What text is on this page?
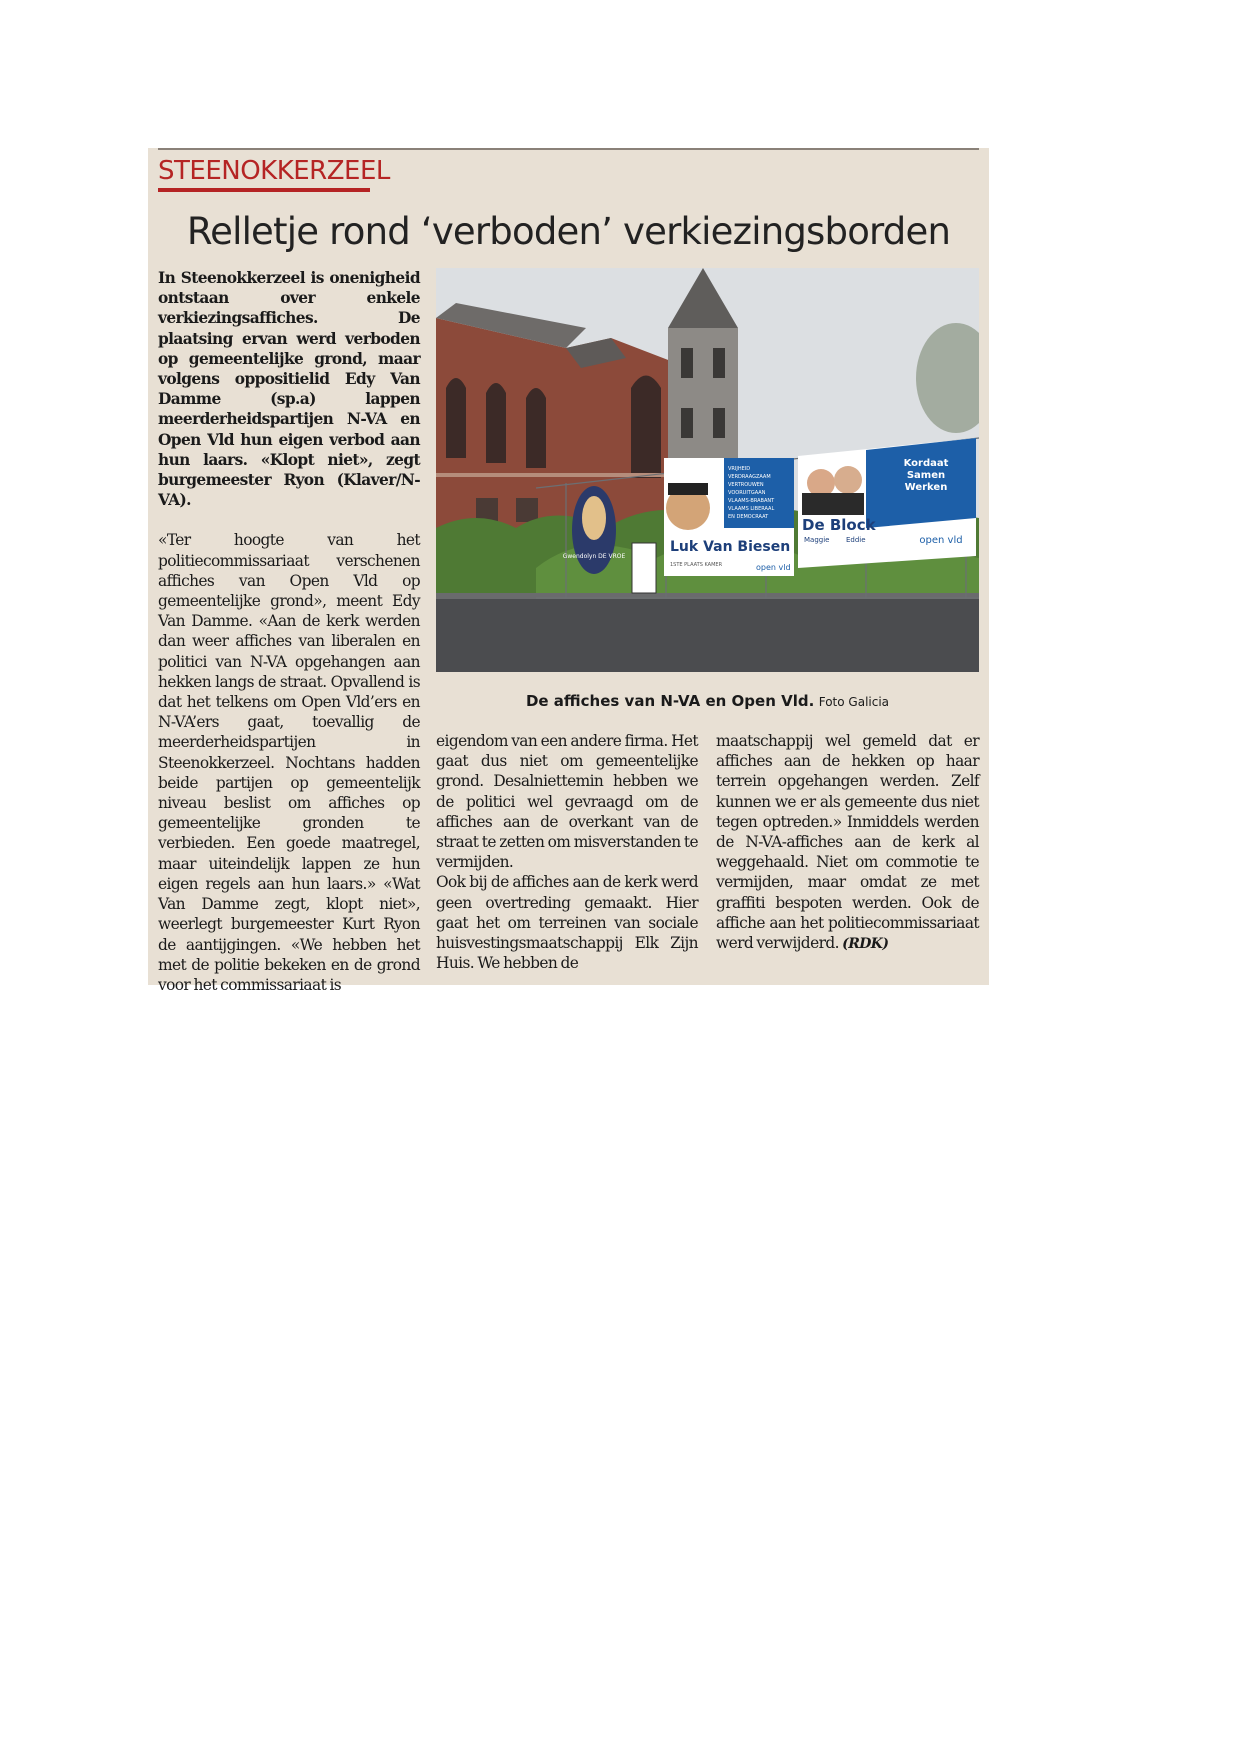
STEENOKKERZEEL
Relletje rond ‘verboden’ verkiezingsborden

In Steenokkerzeel is onenigheid ontstaan over enkele verkiezingsaffiches. De plaatsing ervan werd verboden op gemeentelijke grond, maar volgens oppositielid Edy Van Damme (sp.a) lappen meerderheidspartijen N-VA en Open Vld hun eigen verbod aan hun laars. «Klopt niet», zegt burgemeester Ryon (Klaver/N-VA).

«Ter hoogte van het politiecommissariaat verschenen affiches van Open Vld op gemeentelijke grond», meent Edy Van Damme. «Aan de kerk werden dan weer affiches van liberalen en politici van N-VA opgehangen aan hekken langs de straat. Opvallend is dat het telkens om Open Vld’ers en N-VA’ers gaat, toevallig de meerderheidspartijen in Steenokkerzeel. Nochtans hadden beide partijen op gemeentelijk niveau beslist om affiches op gemeentelijke gronden te verbieden. Een goede maatregel, maar uiteindelijk lappen ze hun eigen regels aan hun laars.» «Wat Van Damme zegt, klopt niet», weerlegt burgemeester Kurt Ryon de aantijgingen. «We hebben het met de politie bekeken en de grond voor het commissariaat is

Gwendolyn DE VROE
VRIJHEID
VERDRAAGZAAM
VERTROUWEN
VOORUITGAAN
VLAAMS-BRABANT
VLAAMS LIBERAAL
EN DEMOCRAAT
Luk Van Biesen
1STE PLAATS KAMER	open vld
De Block
Maggie Eddie
Kordaat
Samen
Werken
open vld
De affiches van N-VA en Open Vld. Foto Galicia

eigendom van een andere firma. Het gaat dus niet om gemeentelijke grond. Desalniettemin hebben we de politici wel gevraagd om de affiches aan de overkant van de straat te zetten om misverstanden te vermijden.

Ook bij de affiches aan de kerk werd geen overtreding gemaakt. Hier gaat het om terreinen van sociale huisvestingsmaatschappij Elk Zijn Huis. We hebben de

maatschappij wel gemeld dat er affiches aan de hekken op haar terrein opgehangen werden. Zelf kunnen we er als gemeente dus niet tegen optreden.» Inmiddels werden de N-VA-affiches aan de kerk al weggehaald. Niet om commotie te vermijden, maar omdat ze met graffiti bespoten werden. Ook de affiche aan het politiecommissariaat werd verwijderd. (RDK)
